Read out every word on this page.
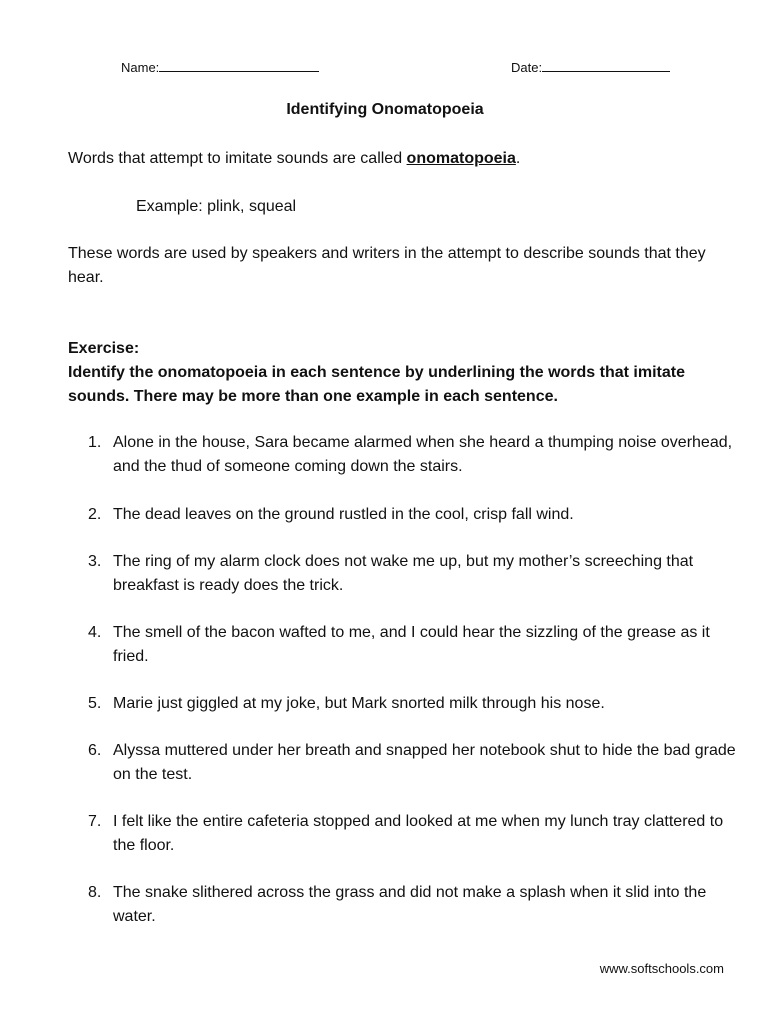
Name:	Date:
Identifying Onomatopoeia
Words that attempt to imitate sounds are called onomatopoeia.
Example: plink, squeal
These words are used by speakers and writers in the attempt to describe sounds that they hear.
Exercise:
Identify the onomatopoeia in each sentence by underlining the words that imitate sounds. There may be more than one example in each sentence.
1. Alone in the house, Sara became alarmed when she heard a thumping noise overhead, and the thud of someone coming down the stairs.
2. The dead leaves on the ground rustled in the cool, crisp fall wind.
3. The ring of my alarm clock does not wake me up, but my mother’s screeching that breakfast is ready does the trick.
4. The smell of the bacon wafted to me, and I could hear the sizzling of the grease as it fried.
5. Marie just giggled at my joke, but Mark snorted milk through his nose.
6. Alyssa muttered under her breath and snapped her notebook shut to hide the bad grade on the test.
7. I felt like the entire cafeteria stopped and looked at me when my lunch tray clattered to the floor.
8. The snake slithered across the grass and did not make a splash when it slid into the water.
www.softschools.com
